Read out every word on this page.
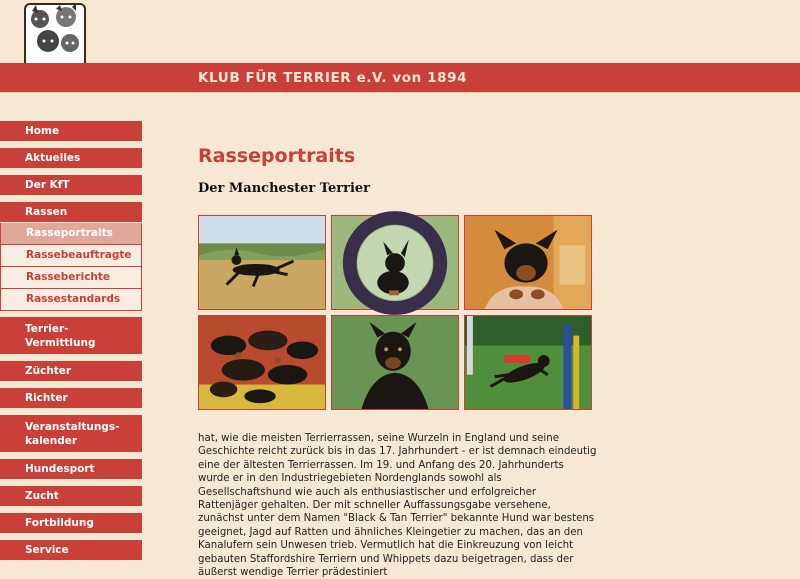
KLUB FÜR TERRIER e.V. von 1894
Home
Aktuelles
Der KfT
Rassen
Rasseportraits
Rassebeauftragte
Rasseberichte
Rassestandards
Terrier-
Vermittlung
Züchter
Richter
Veranstaltungs-
kalender
Hundesport
Zucht
Fortbildung
Service
Rasseportraits
Der Manchester Terrier

hat, wie die meisten Terrierrassen, seine Wurzeln in England und seine Geschichte reicht zurück bis in das 17. Jahrhundert - er ist demnach eindeutig eine der ältesten Terrierrassen. Im 19. und Anfang des 20. Jahrhunderts wurde er in den Industriegebieten Nordenglands sowohl als Gesellschaftshund wie auch als enthusiastischer und erfolgreicher Rattenjäger gehalten. Der mit schneller Auffassungsgabe versehene, zunächst unter dem Namen "Black & Tan Terrier" bekannte Hund war bestens geeignet, Jagd auf Ratten und ähnliches Kleingetier zu machen, das an den Kanalufern sein Unwesen trieb. Vermutlich hat die Einkreuzung von leicht gebauten Staffordshire Terriern und Whippets dazu beigetragen, dass der äußerst wendige Terrier prädestiniert
